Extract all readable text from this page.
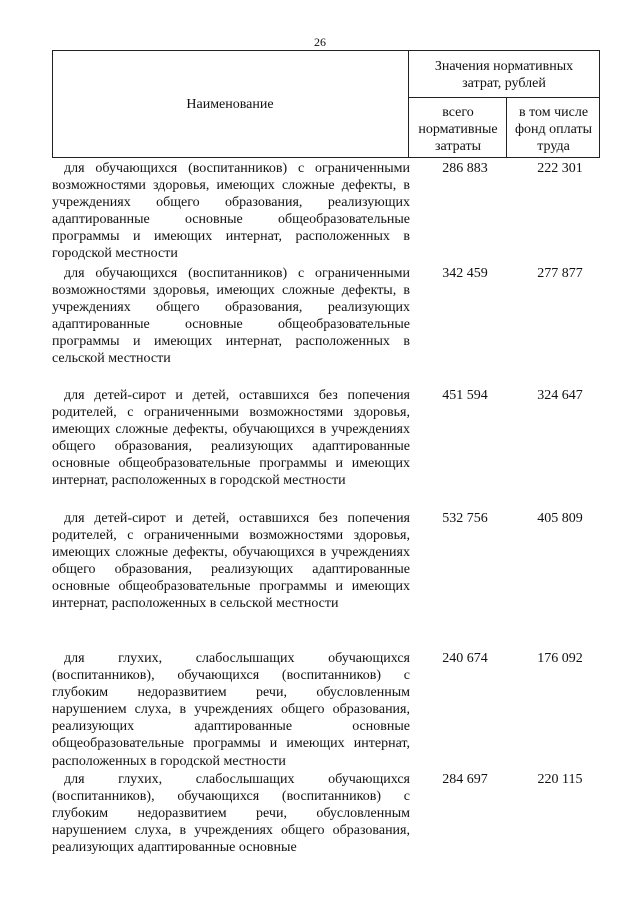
26
Наименование
Значения нормативных затрат, рублей
всего нормативные затраты
в том числе фонд оплаты труда
для обучающихся (воспитанников) с ограниченными возможностями здоровья, имеющих сложные дефекты, в учреждениях общего образования, реализующих адаптированные основные общеобразовательные программы и имеющих интернат, расположенных в городской местности
286 883	222 301
для обучающихся (воспитанников) с ограниченными возможностями здоровья, имеющих сложные дефекты, в учреждениях общего образования, реализующих адаптированные основные общеобразовательные программы и имеющих интернат, расположенных в сельской местности
342 459	277 877
для детей-сирот и детей, оставшихся без попечения родителей, с ограниченными возможностями здоровья, имеющих сложные дефекты, обучающихся в учреждениях общего образования, реализующих адаптированные основные общеобразовательные программы и имеющих интернат, расположенных в городской местности
451 594	324 647
для детей-сирот и детей, оставшихся без попечения родителей, с ограниченными возможностями здоровья, имеющих сложные дефекты, обучающихся в учреждениях общего образования, реализующих адаптированные основные общеобразовательные программы и имеющих интернат, расположенных в сельской местности
532 756	405 809
для глухих, слабослышащих обучающихся (воспитанников), обучающихся (воспитанников) с глубоким недоразвитием речи, обусловленным нарушением слуха, в учреждениях общего образования, реализующих адаптированные основные общеобразовательные программы и имеющих интернат, расположенных в городской местности
240 674	176 092
для глухих, слабослышащих обучающихся (воспитанников), обучающихся (воспитанников) с глубоким недоразвитием речи, обусловленным нарушением слуха, в учреждениях общего образования, реализующих адаптированные основные
284 697	220 115
